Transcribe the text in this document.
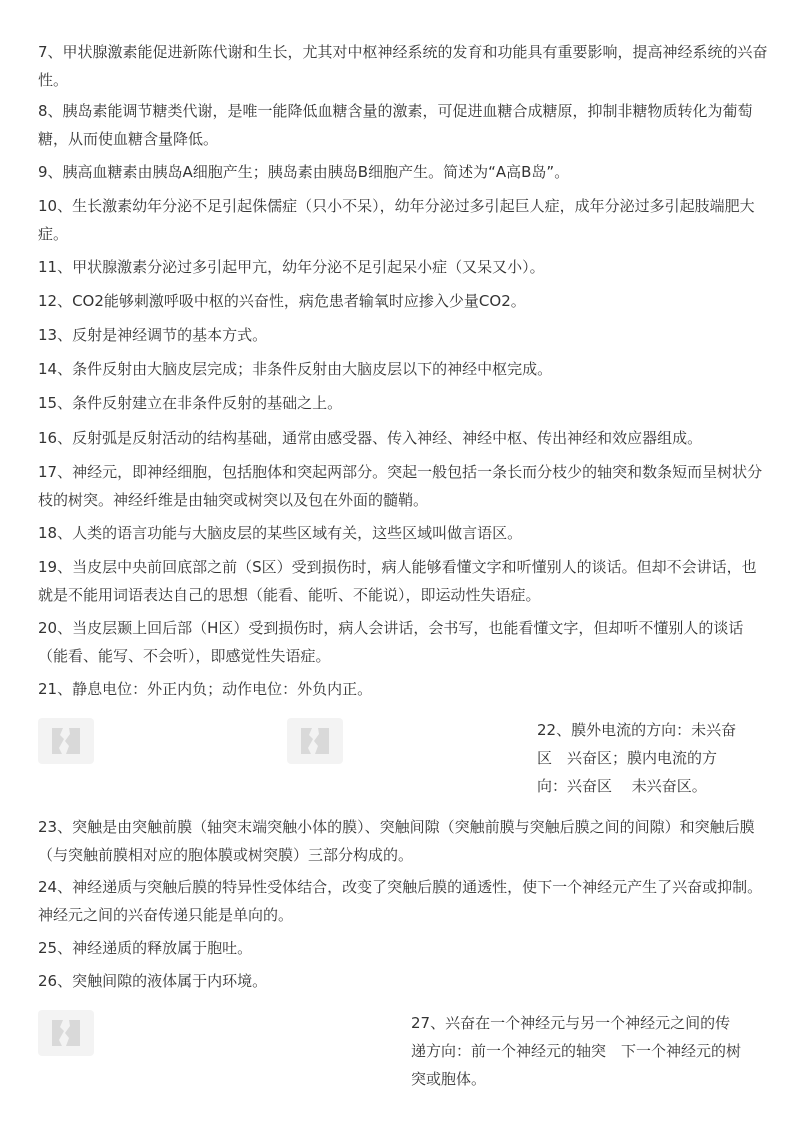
7、甲状腺激素能促进新陈代谢和生长，尤其对中枢神经系统的发育和功能具有重要影响，提高神经系统的兴奋性。

8、胰岛素能调节糖类代谢，是唯一能降低血糖含量的激素，可促进血糖合成糖原，抑制非糖物质转化为葡萄糖，从而使血糖含量降低。

9、胰高血糖素由胰岛A细胞产生；胰岛素由胰岛B细胞产生。简述为“A高B岛”。

10、生长激素幼年分泌不足引起侏儒症（只小不呆），幼年分泌过多引起巨人症，成年分泌过多引起肢端肥大症。

11、甲状腺激素分泌过多引起甲亢，幼年分泌不足引起呆小症（又呆又小）。

12、CO2能够刺激呼吸中枢的兴奋性，病危患者输氧时应掺入少量CO2。

13、反射是神经调节的基本方式。

14、条件反射由大脑皮层完成；非条件反射由大脑皮层以下的神经中枢完成。

15、条件反射建立在非条件反射的基础之上。

16、反射弧是反射活动的结构基础，通常由感受器、传入神经、神经中枢、传出神经和效应器组成。

17、神经元，即神经细胞，包括胞体和突起两部分。突起一般包括一条长而分枝少的轴突和数条短而呈树状分枝的树突。神经纤维是由轴突或树突以及包在外面的髓鞘。

18、人类的语言功能与大脑皮层的某些区域有关，这些区域叫做言语区。

19、当皮层中央前回底部之前（S区）受到损伤时，病人能够看懂文字和听懂别人的谈话。但却不会讲话，也就是不能用词语表达自己的思想（能看、能听、不能说），即运动性失语症。

20、当皮层颞上回后部（H区）受到损伤时，病人会讲话，会书写，也能看懂文字，但却听不懂别人的谈话（能看、能写、不会听），即感觉性失语症。

21、静息电位：外正内负；动作电位：外负内正。

22、膜外电流的方向：未兴奋
区　兴奋区；膜内电流的方
向：兴奋区　 未兴奋区。

23、突触是由突触前膜（轴突末端突触小体的膜）、突触间隙（突触前膜与突触后膜之间的间隙）和突触后膜（与突触前膜相对应的胞体膜或树突膜）三部分构成的。

24、神经递质与突触后膜的特异性受体结合，改变了突触后膜的通透性，使下一个神经元产生了兴奋或抑制。神经元之间的兴奋传递只能是单向的。

25、神经递质的释放属于胞吐。

26、突触间隙的液体属于内环境。

27、兴奋在一个神经元与另一个神经元之间的传
递方向：前一个神经元的轴突　下一个神经元的树
突或胞体。
